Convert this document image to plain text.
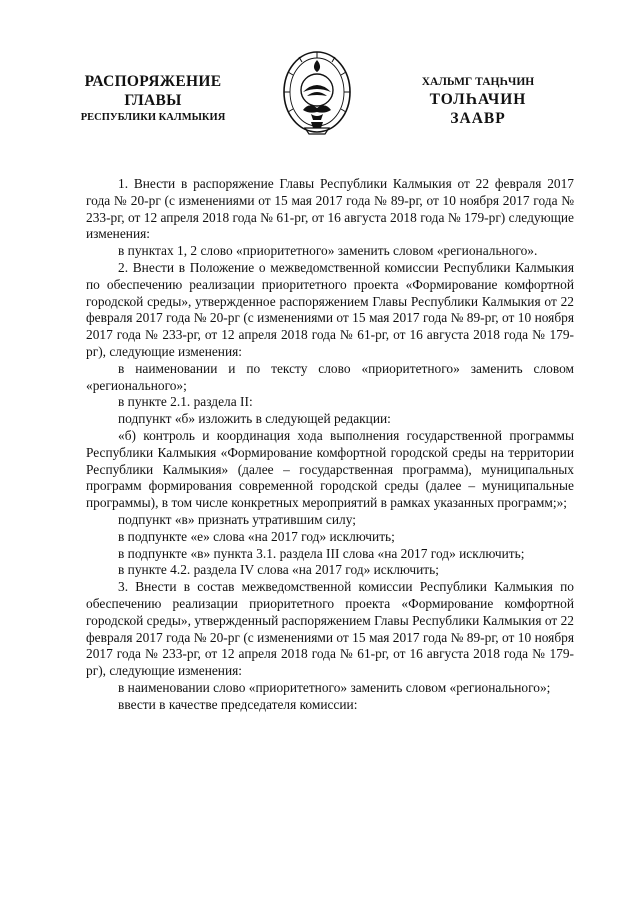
РАСПОРЯЖЕНИЕ
ГЛАВЫ
РЕСПУБЛИКИ КАЛМЫКИЯ
ХАЛЬМГ ТАҢҺЧИН
ТОЛҺАЧИН
ЗААВР

1. Внести в распоряжение Главы Республики Калмыкия от 22 февраля 2017 года № 20-рг (с изменениями от 15 мая 2017 года № 89-рг, от 10 ноября 2017 года № 233-рг, от 12 апреля 2018 года № 61-рг, от 16 августа 2018 года № 179-рг) следующие изменения:

в пунктах 1, 2 слово «приоритетного» заменить словом «регионального».

2. Внести в Положение о межведомственной комиссии Республики Калмыкия по обеспечению реализации приоритетного проекта «Формирование комфортной городской среды», утвержденное распоряжением Главы Республики Калмыкия от 22 февраля 2017 года № 20-рг (с изменениями от 15 мая 2017 года № 89-рг, от 10 ноября 2017 года № 233-рг, от 12 апреля 2018 года № 61-рг, от 16 августа 2018 года № 179-рг), следующие изменения:

в наименовании и по тексту слово «приоритетного» заменить словом «регионального»;

в пункте 2.1. раздела II:

подпункт «б» изложить в следующей редакции:

«б) контроль и координация хода выполнения государственной программы Республики Калмыкия «Формирование комфортной городской среды на территории Республики Калмыкия» (далее – государственная программа), муниципальных программ формирования современной городской среды (далее – муниципальные программы), в том числе конкретных мероприятий в рамках указанных программ;»;

подпункт «в» признать утратившим силу;

в подпункте «е» слова «на 2017 год» исключить;

в подпункте «в» пункта 3.1. раздела III слова «на 2017 год» исключить;

в пункте 4.2. раздела IV слова «на 2017 год» исключить;

3. Внести в состав межведомственной комиссии Республики Калмыкия по обеспечению реализации приоритетного проекта «Формирование комфортной городской среды», утвержденный распоряжением Главы Республики Калмыкия от 22 февраля 2017 года № 20-рг (с изменениями от 15 мая 2017 года № 89-рг, от 10 ноября 2017 года № 233-рг, от 12 апреля 2018 года № 61-рг, от 16 августа 2018 года № 179-рг), следующие изменения:

в наименовании слово «приоритетного» заменить словом «регионального»;

ввести в качестве председателя комиссии:
